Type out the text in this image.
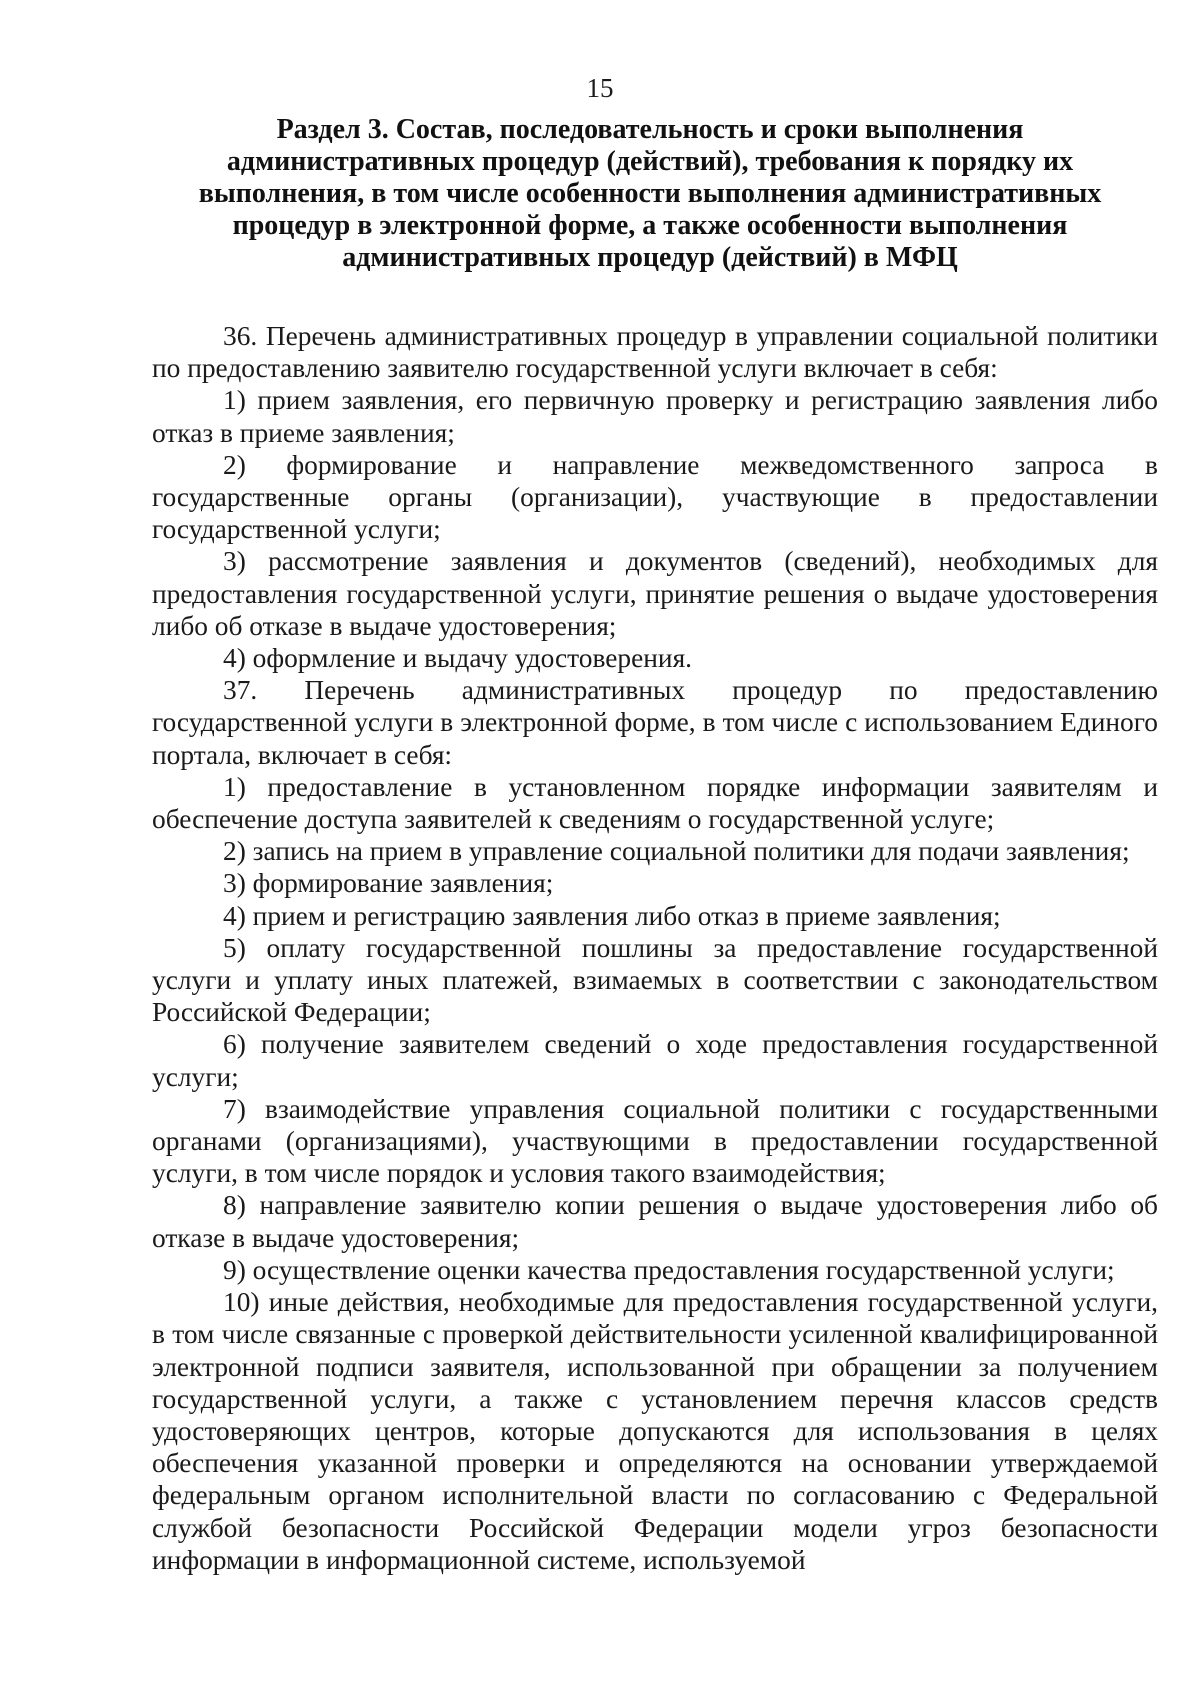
15
Раздел 3. Состав, последовательность и сроки выполнения
административных процедур (действий), требования к порядку их
выполнения, в том числе особенности выполнения административных
процедур в электронной форме, а также особенности выполнения
административных процедур (действий) в МФЦ

36. Перечень административных процедур в управлении социальной политики по предоставлению заявителю государственной услуги включает в себя:

1) прием заявления, его первичную проверку и регистрацию заявления либо отказ в приеме заявления;

2) формирование и направление межведомственного запроса в государственные органы (организации), участвующие в предоставлении государственной услуги;

3) рассмотрение заявления и документов (сведений), необходимых для предоставления государственной услуги, принятие решения о выдаче удостоверения либо об отказе в выдаче удостоверения;

4) оформление и выдачу удостоверения.

37. Перечень административных процедур по предоставлению государственной услуги в электронной форме, в том числе с использованием Единого портала, включает в себя:

1) предоставление в установленном порядке информации заявителям и обеспечение доступа заявителей к сведениям о государственной услуге;

2) запись на прием в управление социальной политики для подачи заявления;

3) формирование заявления;

4) прием и регистрацию заявления либо отказ в приеме заявления;

5) оплату государственной пошлины за предоставление государственной услуги и уплату иных платежей, взимаемых в соответствии с законодательством Российской Федерации;

6) получение заявителем сведений о ходе предоставления государственной услуги;

7) взаимодействие управления социальной политики с государственными органами (организациями), участвующими в предоставлении государственной услуги, в том числе порядок и условия такого взаимодействия;

8) направление заявителю копии решения о выдаче удостоверения либо об отказе в выдаче удостоверения;

9) осуществление оценки качества предоставления государственной услуги;

10) иные действия, необходимые для предоставления государственной услуги, в том числе связанные с проверкой действительности усиленной квалифицированной электронной подписи заявителя, использованной при обращении за получением государственной услуги, а также с установлением перечня классов средств удостоверяющих центров, которые допускаются для использования в целях обеспечения указанной проверки и определяются на основании утверждаемой федеральным органом исполнительной власти по согласованию с Федеральной службой безопасности Российской Федерации модели угроз безопасности информации в информационной системе, используемой
